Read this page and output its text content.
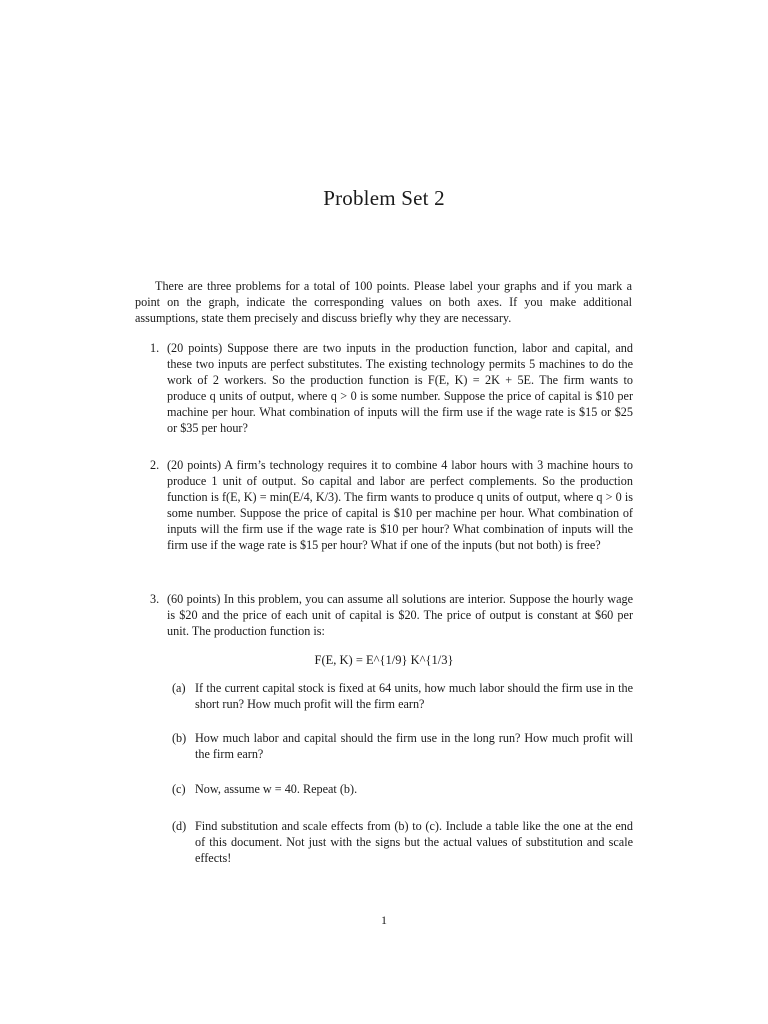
Problem Set 2
There are three problems for a total of 100 points. Please label your graphs and if you mark a point on the graph, indicate the corresponding values on both axes. If you make additional assumptions, state them precisely and discuss briefly why they are necessary.
1. (20 points) Suppose there are two inputs in the production function, labor and capital, and these two inputs are perfect substitutes. The existing technology permits 5 machines to do the work of 2 workers. So the production function is F(E, K) = 2K + 5E. The firm wants to produce q units of output, where q > 0 is some number. Suppose the price of capital is $10 per machine per hour. What combination of inputs will the firm use if the wage rate is $15 or $25 or $35 per hour?
2. (20 points) A firm’s technology requires it to combine 4 labor hours with 3 machine hours to produce 1 unit of output. So capital and labor are perfect complements. So the production function is f(E, K) = min(E/4, K/3). The firm wants to produce q units of output, where q > 0 is some number. Suppose the price of capital is $10 per machine per hour. What combination of inputs will the firm use if the wage rate is $10 per hour? What combination of inputs will the firm use if the wage rate is $15 per hour? What if one of the inputs (but not both) is free?
3. (60 points) In this problem, you can assume all solutions are interior. Suppose the hourly wage is $20 and the price of each unit of capital is $20. The price of output is constant at $60 per unit. The production function is:
F(E, K) = E^{1/9} K^{1/3}
(a) If the current capital stock is fixed at 64 units, how much labor should the firm use in the short run? How much profit will the firm earn?
(b) How much labor and capital should the firm use in the long run? How much profit will the firm earn?
(c) Now, assume w = 40. Repeat (b).
(d) Find substitution and scale effects from (b) to (c). Include a table like the one at the end of this document. Not just with the signs but the actual values of substitution and scale effects!
1
